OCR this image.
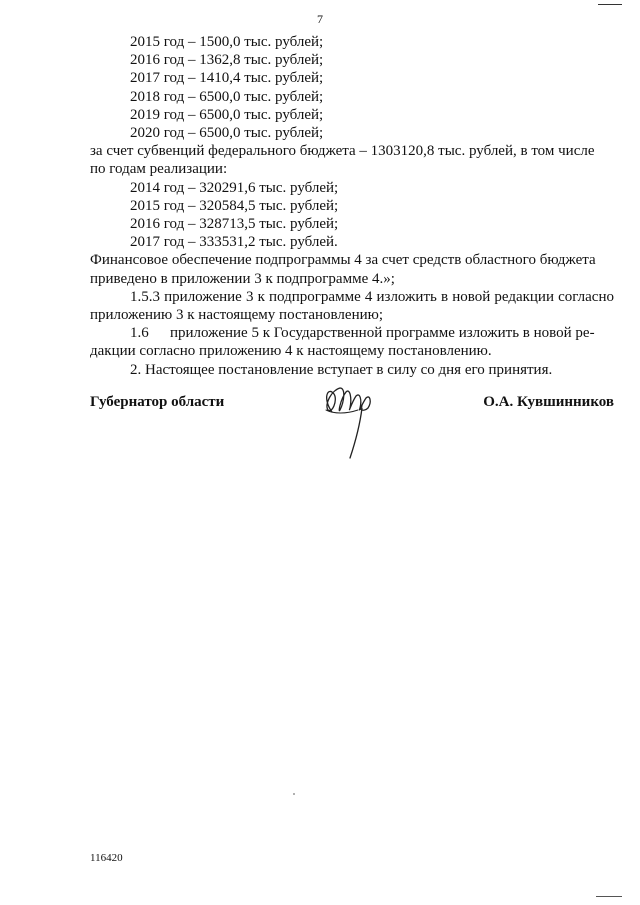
7
2015 год – 1500,0 тыс. рублей;
2016 год – 1362,8 тыс. рублей;
2017 год – 1410,4 тыс. рублей;
2018 год – 6500,0 тыс. рублей;
2019 год – 6500,0 тыс. рублей;
2020 год – 6500,0 тыс. рублей;
за счет субвенций федерального бюджета – 1303120,8 тыс. рублей, в том числе
по годам реализации:
2014 год – 320291,6 тыс. рублей;
2015 год – 320584,5 тыс. рублей;
2016 год – 328713,5 тыс. рублей;
2017 год – 333531,2 тыс. рублей.
Финансовое обеспечение подпрограммы 4 за счет средств областного бюджета
приведено в приложении 3 к подпрограмме 4.»;
1.5.3 приложение 3 к подпрограмме 4 изложить в новой редакции согласно приложению 3 к настоящему постановлению;
1.6	приложение 5 к Государственной программе изложить в новой ре-
дакции согласно приложению 4 к настоящему постановлению.
2. Настоящее постановление вступает в силу со дня его принятия.
Губернатор области	О.А. Кувшинников
116420
